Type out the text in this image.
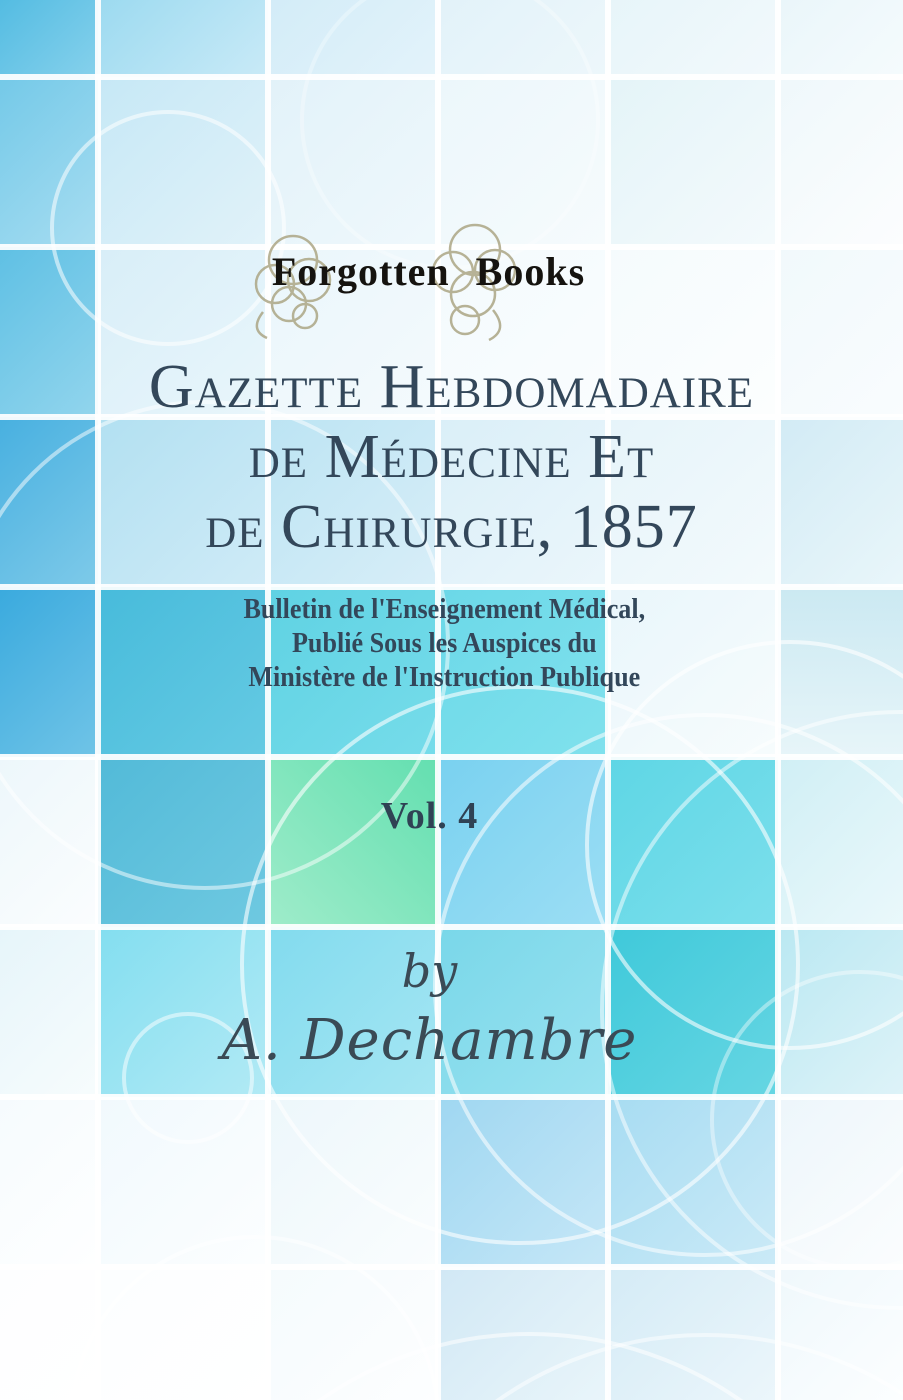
Forgotten Books
Gazette Hebdomadaire
de Médecine Et
de Chirurgie, 1857
Bulletin de l'Enseignement Médical,
Publié Sous les Auspices du
Ministère de l'Instruction Publique
Vol. 4
by
A. Dechambre
